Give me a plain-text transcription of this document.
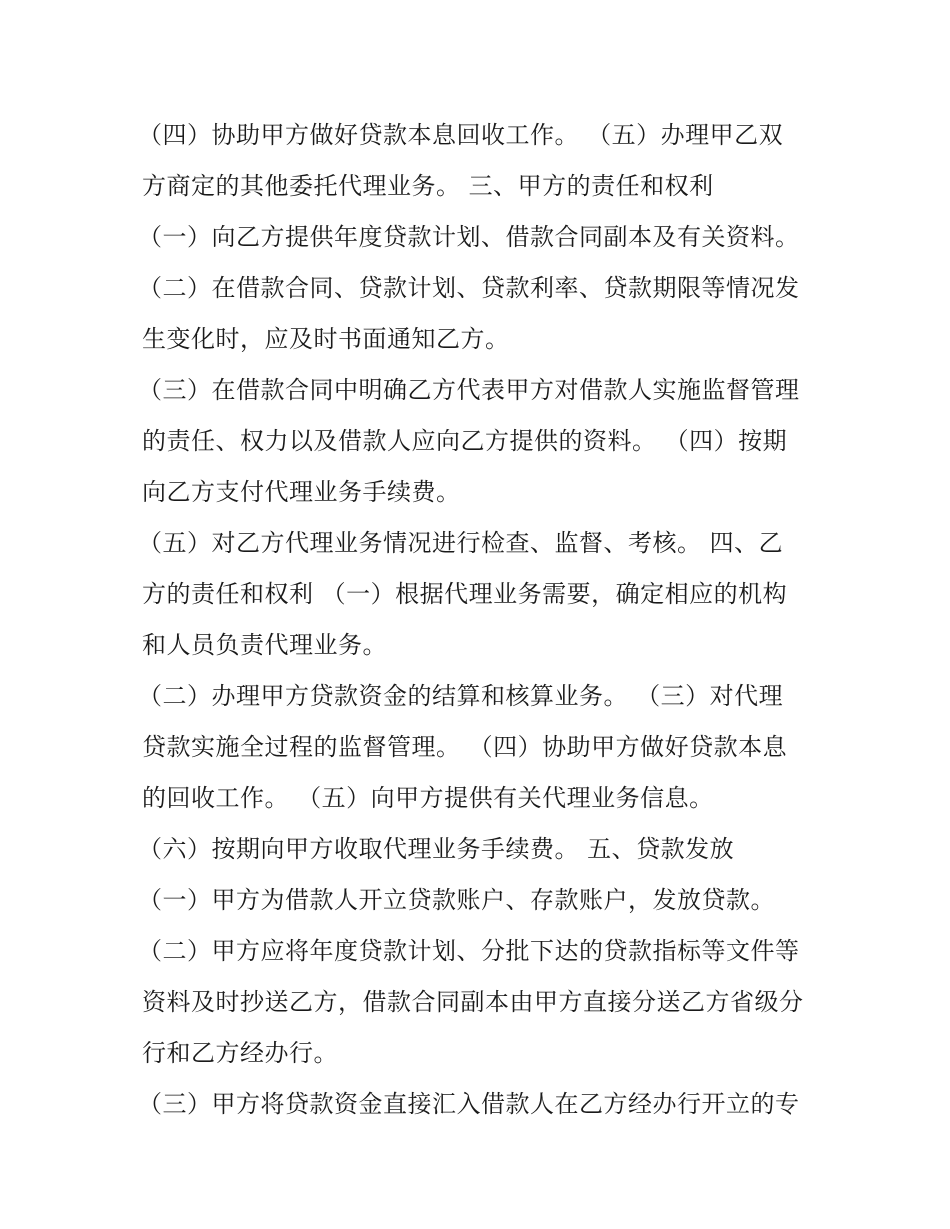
（四）协助甲方做好贷款本息回收工作。 （五）办理甲乙双
方商定的其他委托代理业务。 三、甲方的责任和权利
（一）向乙方提供年度贷款计划、借款合同副本及有关资料。
（二）在借款合同、贷款计划、贷款利率、贷款期限等情况发
生变化时，应及时书面通知乙方。
（三）在借款合同中明确乙方代表甲方对借款人实施监督管理
的责任、权力以及借款人应向乙方提供的资料。 （四）按期
向乙方支付代理业务手续费。
（五）对乙方代理业务情况进行检查、监督、考核。 四、乙
方的责任和权利 （一）根据代理业务需要，确定相应的机构
和人员负责代理业务。
（二）办理甲方贷款资金的结算和核算业务。 （三）对代理
贷款实施全过程的监督管理。 （四）协助甲方做好贷款本息
的回收工作。 （五）向甲方提供有关代理业务信息。
（六）按期向甲方收取代理业务手续费。 五、贷款发放
（一）甲方为借款人开立贷款账户、存款账户，发放贷款。
（二）甲方应将年度贷款计划、分批下达的贷款指标等文件等
资料及时抄送乙方，借款合同副本由甲方直接分送乙方省级分
行和乙方经办行。
（三）甲方将贷款资金直接汇入借款人在乙方经办行开立的专
